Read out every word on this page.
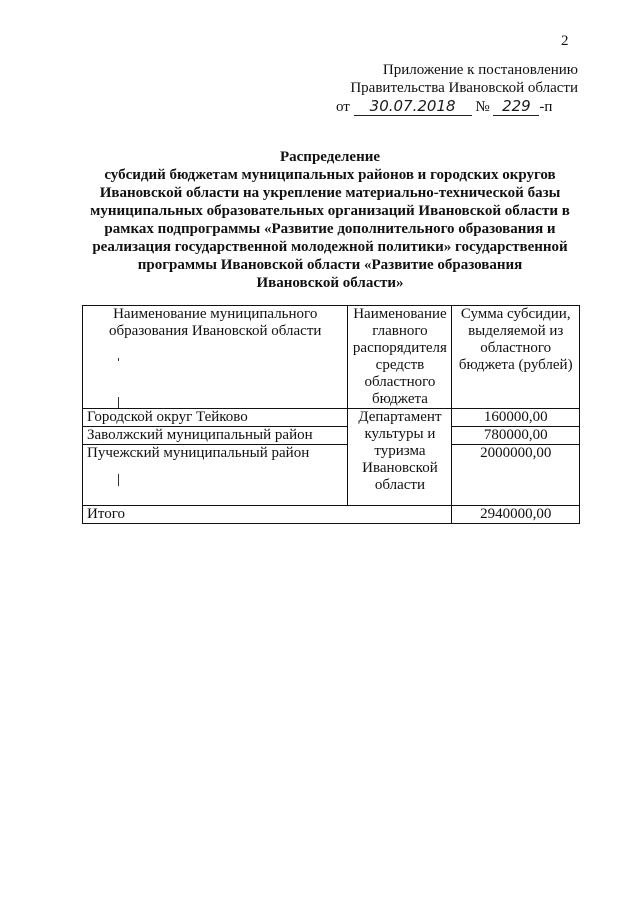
2
Приложение к постановлению
Правительства Ивановской области
от 30.07.2018 № 229 -п
Распределение
субсидий бюджетам муниципальных районов и городских округов
Ивановской области на укрепление материально-технической базы
муниципальных образовательных организаций Ивановской области в
рамках подпрограммы «Развитие дополнительного образования и
реализация государственной молодежной политики» государственной
программы Ивановской области «Развитие образования
Ивановской области»
Наименование муниципального образования Ивановской области	Наименование главного распорядителя средств областного бюджета	Сумма субсидии, выделяемой из областного бюджета (рублей)
Городской округ Тейково	Департамент культуры и туризма Ивановской области	160000,00
Заволжский муниципальный район		780000,00
Пучежский муниципальный район		2000000,00
Итого		2940000,00
